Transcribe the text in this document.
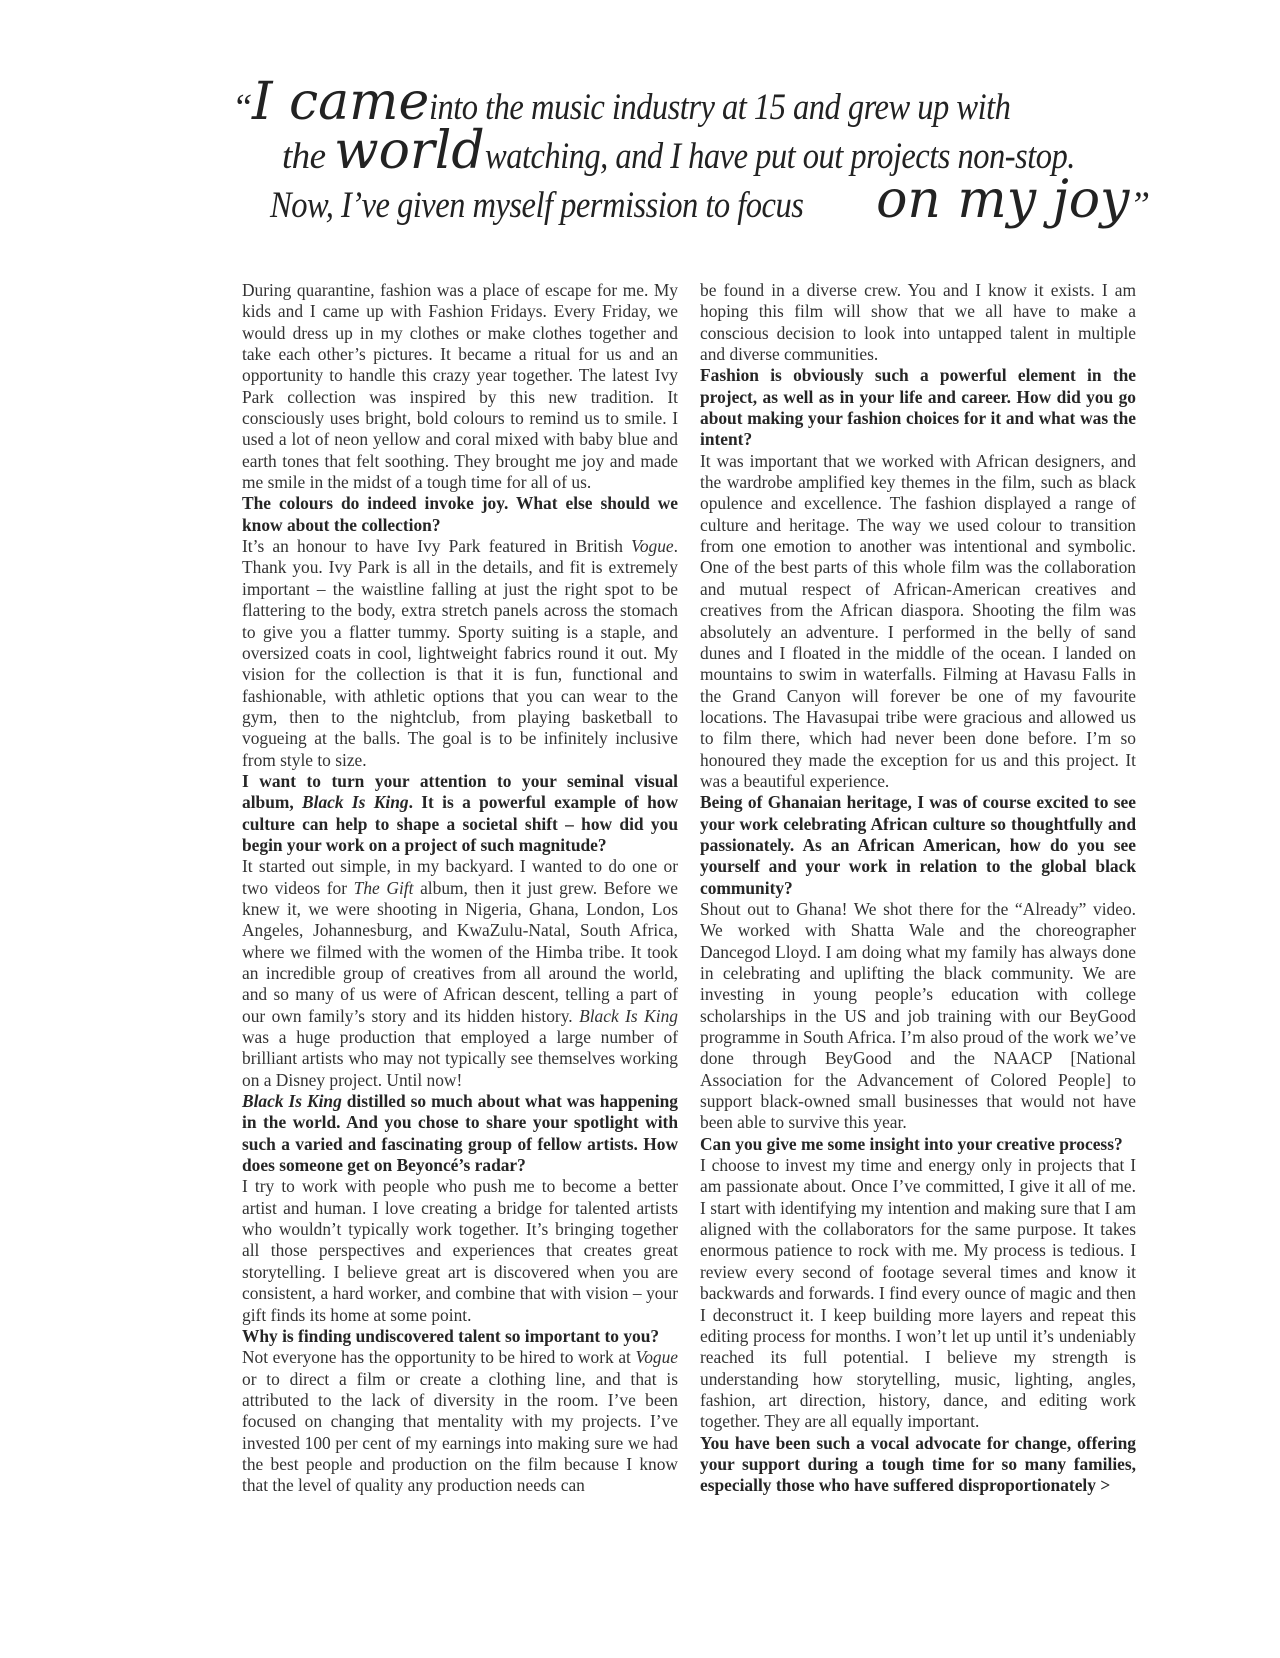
“I cameinto the music industry at 15 and grew up with
the worldwatching, and I have put out projects non-stop.
Now, I’ve given myself permission to focuson my joy”

During quarantine, fashion was a place of escape for me. My kids and I came up with Fashion Fridays. Every Friday, we would dress up in my clothes or make clothes together and take each other’s pictures. It became a ritual for us and an opportunity to handle this crazy year together. The latest Ivy Park collection was inspired by this new tradition. It consciously uses bright, bold colours to remind us to smile. I used a lot of neon yellow and coral mixed with baby blue and earth tones that felt soothing. They brought me joy and made me smile in the midst of a tough time for all of us.

The colours do indeed invoke joy. What else should we know about the collection?

It’s an honour to have Ivy Park featured in British Vogue. Thank you. Ivy Park is all in the details, and fit is extremely important – the waistline falling at just the right spot to be flattering to the body, extra stretch panels across the stomach to give you a flatter tummy. Sporty suiting is a staple, and oversized coats in cool, lightweight fabrics round it out. My vision for the collection is that it is fun, functional and fashionable, with athletic options that you can wear to the gym, then to the nightclub, from playing basketball to vogueing at the balls. The goal is to be infinitely inclusive from style to size.

I want to turn your attention to your seminal visual album, Black Is King. It is a powerful example of how culture can help to shape a societal shift – how did you begin your work on a project of such magnitude?

It started out simple, in my backyard. I wanted to do one or two videos for The Gift album, then it just grew. Before we knew it, we were shooting in Nigeria, Ghana, London, Los Angeles, Johannesburg, and KwaZulu-Natal, South Africa, where we filmed with the women of the Himba tribe. It took an incredible group of creatives from all around the world, and so many of us were of African descent, telling a part of our own family’s story and its hidden history. Black Is King was a huge production that employed a large number of brilliant artists who may not typically see themselves working on a Disney project. Until now!

Black Is King distilled so much about what was happening in the world. And you chose to share your spotlight with such a varied and fascinating group of fellow artists. How does someone get on Beyoncé’s radar?

I try to work with people who push me to become a better artist and human. I love creating a bridge for talented artists who wouldn’t typically work together. It’s bringing together all those perspectives and experiences that creates great storytelling. I believe great art is discovered when you are consistent, a hard worker, and combine that with vision – your gift finds its home at some point.

Why is finding undiscovered talent so important to you?

Not everyone has the opportunity to be hired to work at Vogue or to direct a film or create a clothing line, and that is attributed to the lack of diversity in the room. I’ve been focused on changing that mentality with my projects. I’ve invested 100 per cent of my earnings into making sure we had the best people and production on the film because I know that the level of quality any production needs can

be found in a diverse crew. You and I know it exists. I am hoping this film will show that we all have to make a conscious decision to look into untapped talent in multiple and diverse communities.

Fashion is obviously such a powerful element in the project, as well as in your life and career. How did you go about making your fashion choices for it and what was the intent?

It was important that we worked with African designers, and the wardrobe amplified key themes in the film, such as black opulence and excellence. The fashion displayed a range of culture and heritage. The way we used colour to transition from one emotion to another was intentional and symbolic. One of the best parts of this whole film was the collaboration and mutual respect of African-American creatives and creatives from the African diaspora. Shooting the film was absolutely an adventure. I performed in the belly of sand dunes and I floated in the middle of the ocean. I landed on mountains to swim in waterfalls. Filming at Havasu Falls in the Grand Canyon will forever be one of my favourite locations. The Havasupai tribe were gracious and allowed us to film there, which had never been done before. I’m so honoured they made the exception for us and this project. It was a beautiful experience.

Being of Ghanaian heritage, I was of course excited to see your work celebrating African culture so thoughtfully and passionately. As an African American, how do you see yourself and your work in relation to the global black community?

Shout out to Ghana! We shot there for the “Already” video. We worked with Shatta Wale and the choreographer Dancegod Lloyd. I am doing what my family has always done in celebrating and uplifting the black community. We are investing in young people’s education with college scholarships in the US and job training with our BeyGood programme in South Africa. I’m also proud of the work we’ve done through BeyGood and the NAACP [National Association for the Advancement of Colored People] to support black-owned small businesses that would not have been able to survive this year.

Can you give me some insight into your creative process?

I choose to invest my time and energy only in projects that I am passionate about. Once I’ve committed, I give it all of me. I start with identifying my intention and making sure that I am aligned with the collaborators for the same purpose. It takes enormous patience to rock with me. My process is tedious. I review every second of footage several times and know it backwards and forwards. I find every ounce of magic and then I deconstruct it. I keep building more layers and repeat this editing process for months. I won’t let up until it’s undeniably reached its full potential. I believe my strength is understanding how storytelling, music, lighting, angles, fashion, art direction, history, dance, and editing work together. They are all equally important.

You have been such a vocal advocate for change, offering your support during a tough time for so many families, especially those who have suffered disproportionately >
